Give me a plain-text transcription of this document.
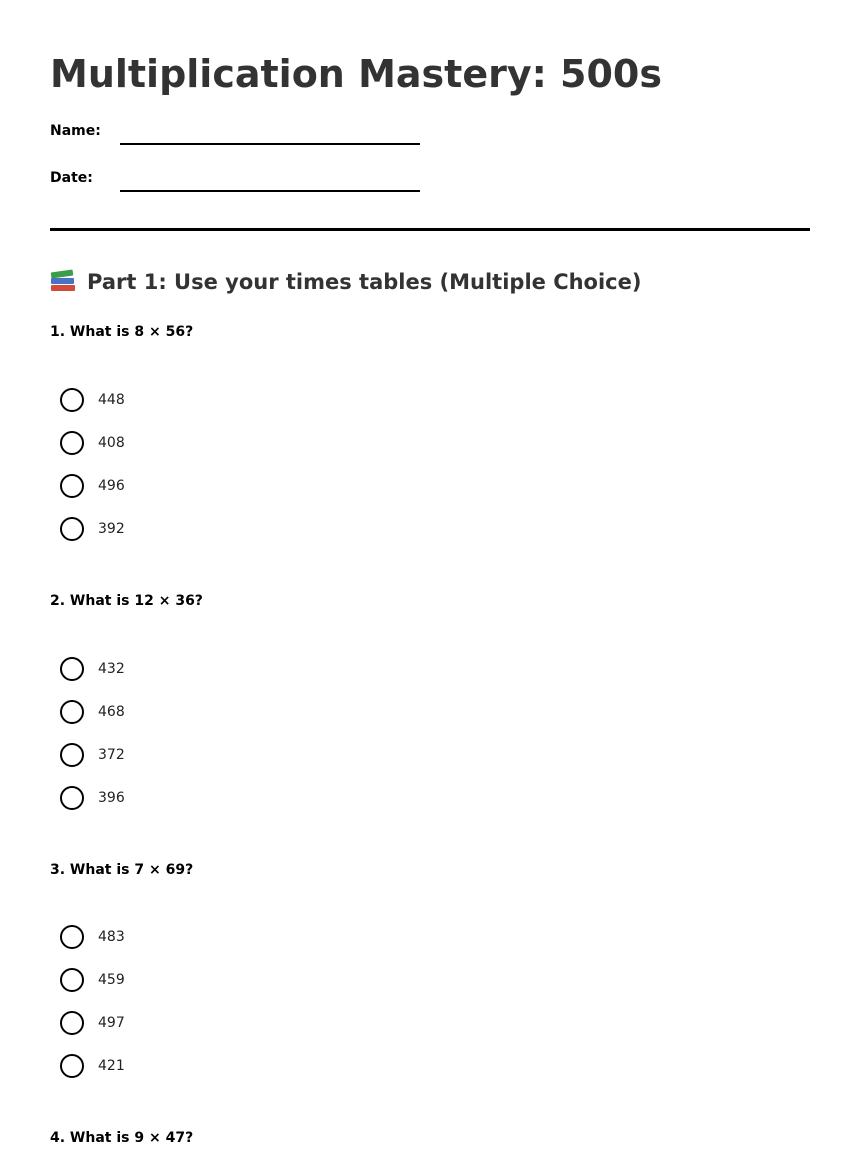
Multiplication Mastery: 500s
Name:
Date:
Part 1: Use your times tables (Multiple Choice)

1. What is 8 × 56?

448
408
496
392

2. What is 12 × 36?

432
468
372
396

3. What is 7 × 69?

483
459
497
421

4. What is 9 × 47?
